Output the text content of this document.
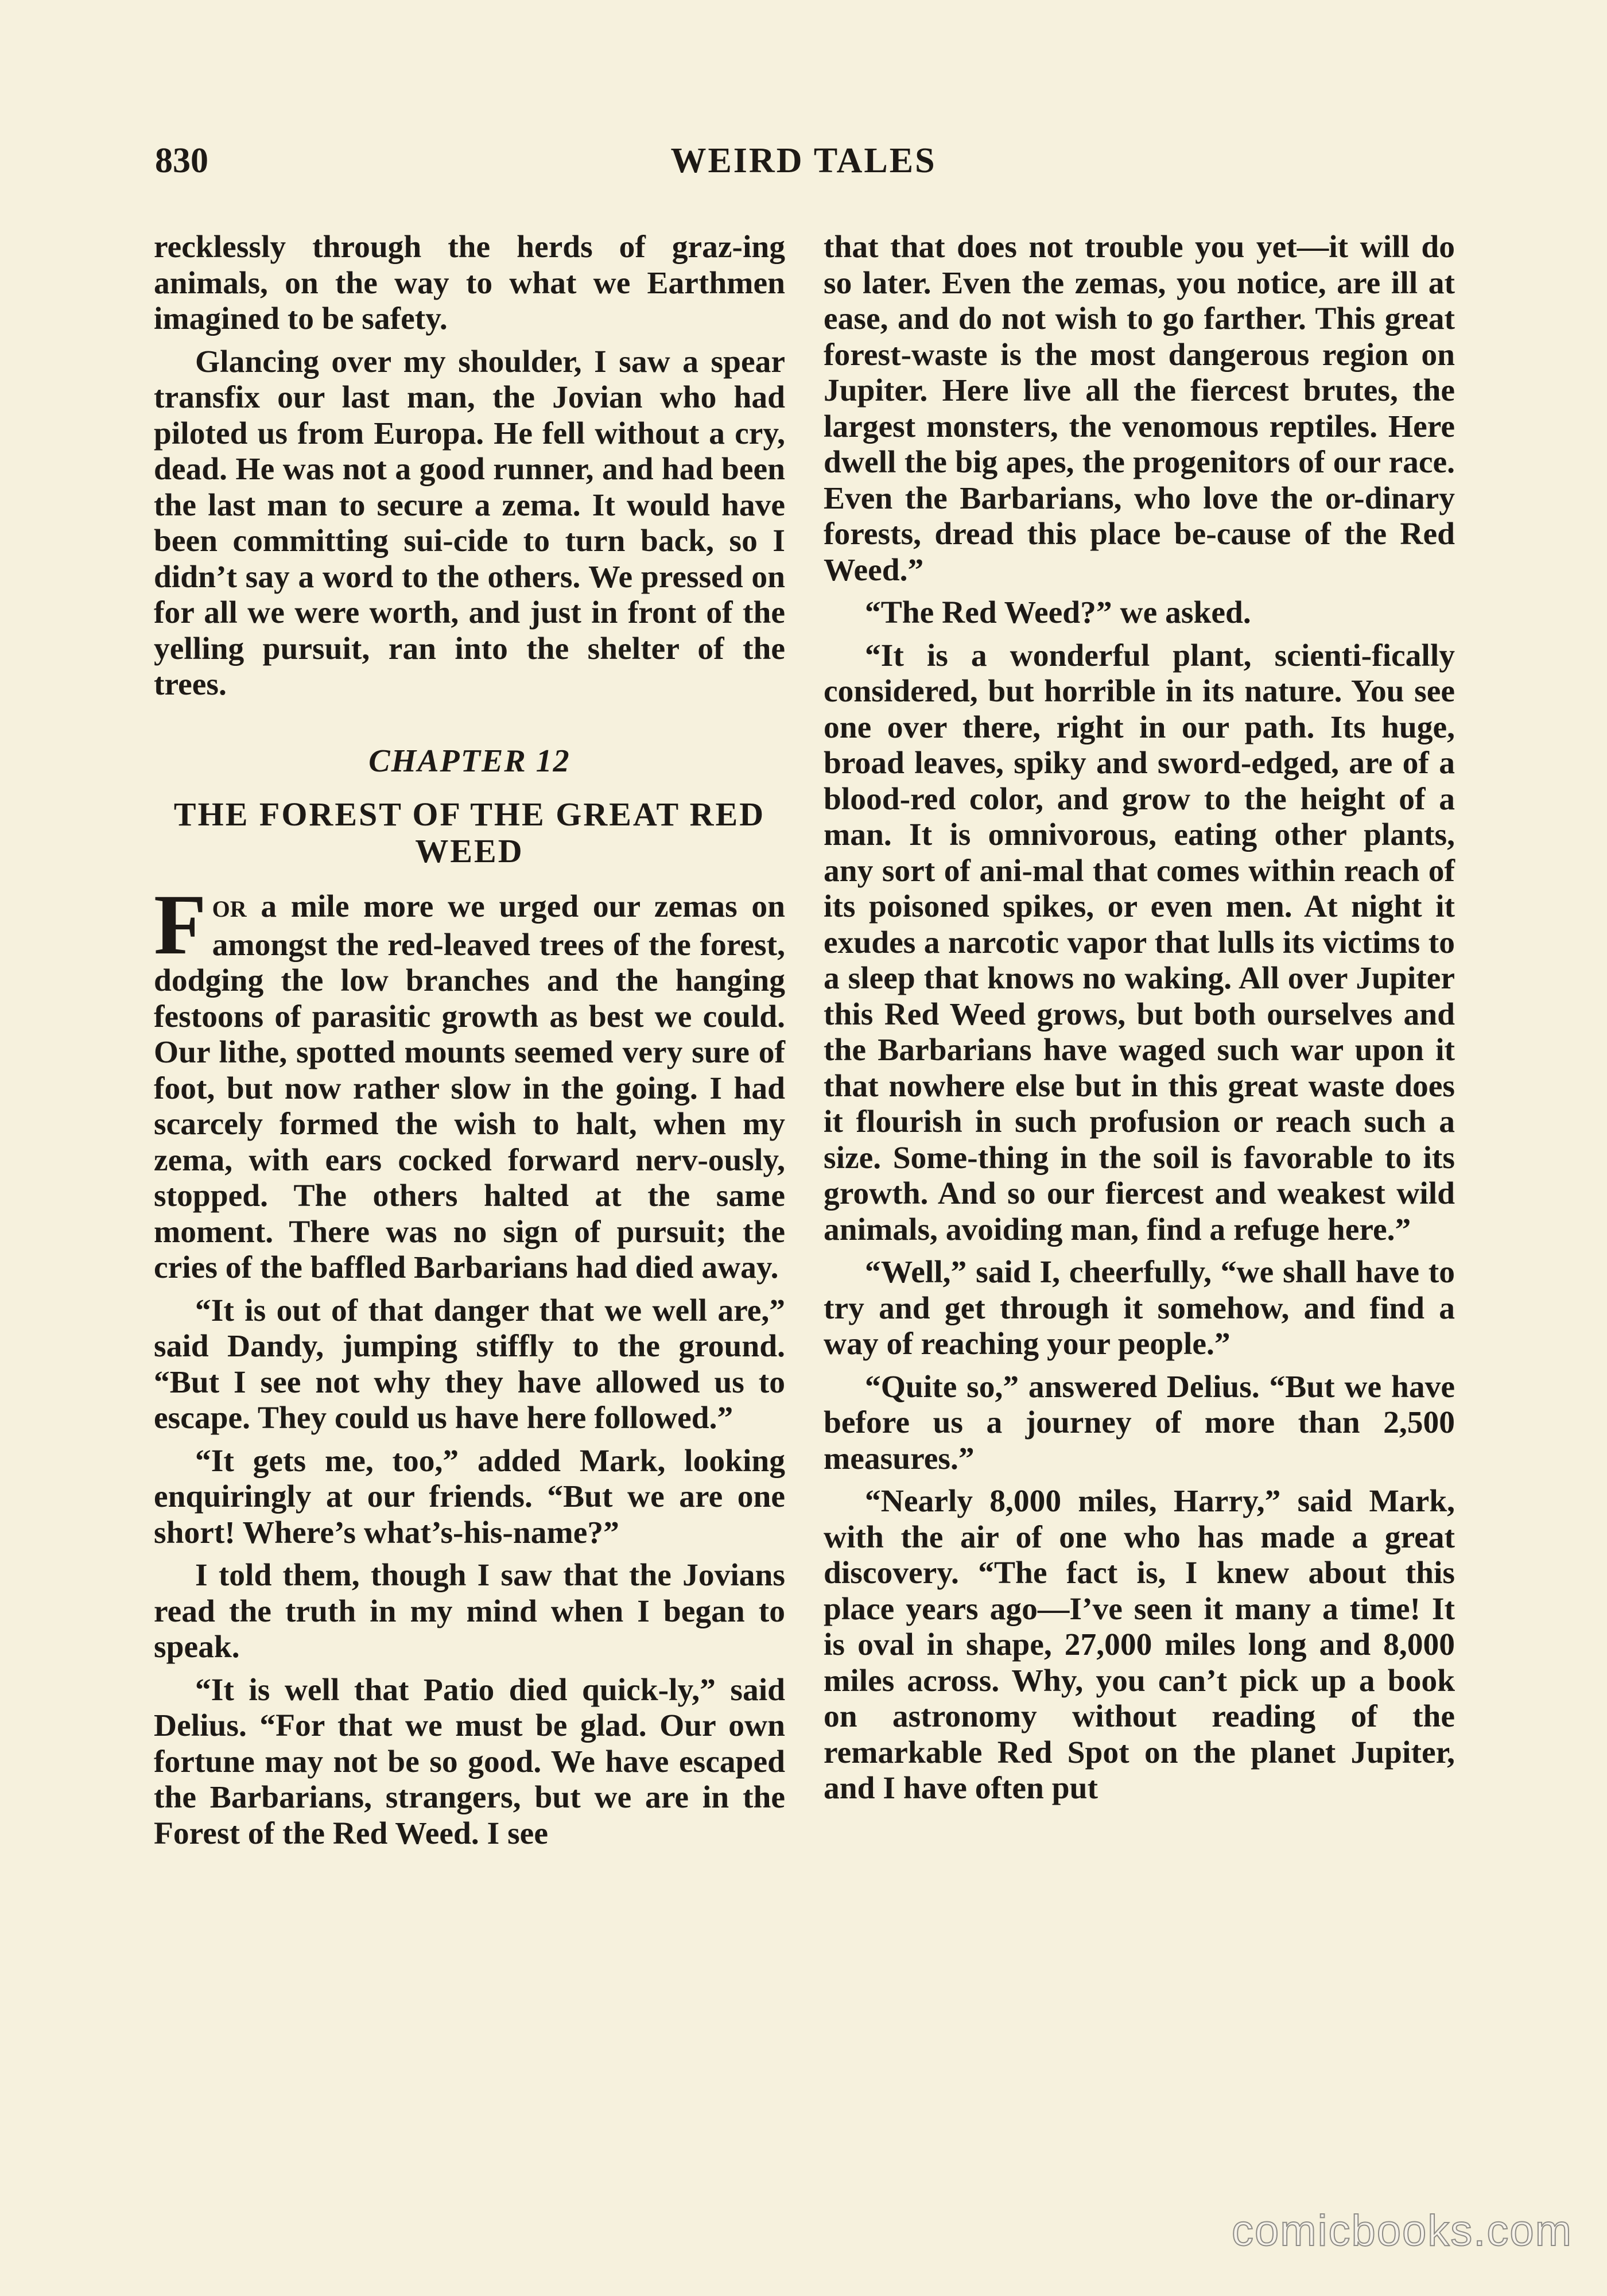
830	WEIRD TALES

recklessly through the herds of graz-ing animals, on the way to what we Earthmen imagined to be safety.

Glancing over my shoulder, I saw a spear transfix our last man, the Jovian who had piloted us from Europa. He fell without a cry, dead. He was not a good runner, and had been the last man to secure a zema. It would have been committing sui-cide to turn back, so I didn’t say a word to the others. We pressed on for all we were worth, and just in front of the yelling pursuit, ran into the shelter of the trees.

CHAPTER 12
THE FOREST OF THE GREAT RED WEED

FOR a mile more we urged our zemas on amongst the red-leaved trees of the forest, dodging the low branches and the hanging festoons of parasitic growth as best we could. Our lithe, spotted mounts seemed very sure of foot, but now rather slow in the going. I had scarcely formed the wish to halt, when my zema, with ears cocked forward nerv-ously, stopped. The others halted at the same moment. There was no sign of pursuit; the cries of the baffled Barbarians had died away.

“It is out of that danger that we well are,” said Dandy, jumping stiffly to the ground. “But I see not why they have allowed us to escape. They could us have here followed.”

“It gets me, too,” added Mark, looking enquiringly at our friends. “But we are one short! Where’s what’s-his-name?”

I told them, though I saw that the Jovians read the truth in my mind when I began to speak.

“It is well that Patio died quick-ly,” said Delius. “For that we must be glad. Our own fortune may not be so good. We have escaped the Barbarians, strangers, but we are in the Forest of the Red Weed. I see

that that does not trouble you yet—it will do so later. Even the zemas, you notice, are ill at ease, and do not wish to go farther. This great forest-waste is the most dangerous region on Jupiter. Here live all the fiercest brutes, the largest monsters, the venomous reptiles. Here dwell the big apes, the progenitors of our race. Even the Barbarians, who love the or-dinary forests, dread this place be-cause of the Red Weed.”

“The Red Weed?” we asked.

“It is a wonderful plant, scienti-fically considered, but horrible in its nature. You see one over there, right in our path. Its huge, broad leaves, spiky and sword-edged, are of a blood-red color, and grow to the height of a man. It is omnivorous, eating other plants, any sort of ani-mal that comes within reach of its poisoned spikes, or even men. At night it exudes a narcotic vapor that lulls its victims to a sleep that knows no waking. All over Jupiter this Red Weed grows, but both ourselves and the Barbarians have waged such war upon it that nowhere else but in this great waste does it flourish in such profusion or reach such a size. Some-thing in the soil is favorable to its growth. And so our fiercest and weakest wild animals, avoiding man, find a refuge here.”

“Well,” said I, cheerfully, “we shall have to try and get through it somehow, and find a way of reaching your people.”

“Quite so,” answered Delius. “But we have before us a journey of more than 2,500 measures.”

“Nearly 8,000 miles, Harry,” said Mark, with the air of one who has made a great discovery. “The fact is, I knew about this place years ago—I’ve seen it many a time! It is oval in shape, 27,000 miles long and 8,000 miles across. Why, you can’t pick up a book on astronomy without reading of the remarkable Red Spot on the planet Jupiter, and I have often put

comicbooks.com
